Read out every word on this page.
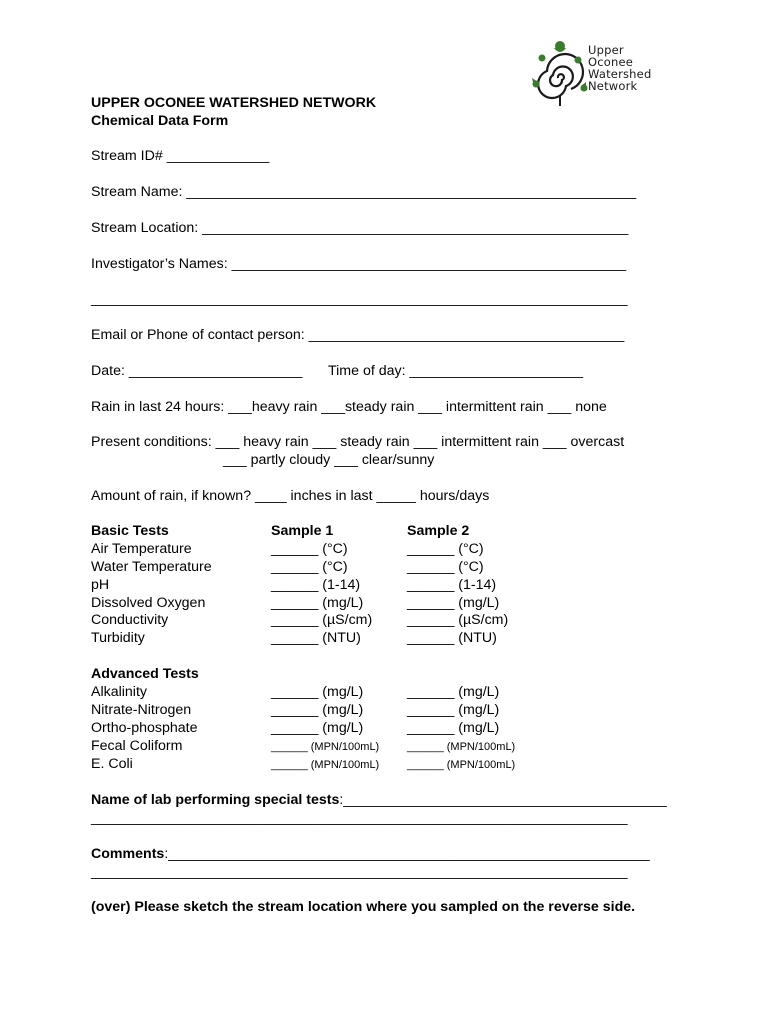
Upper
Oconee
Watershed
Network
UPPER OCONEE WATERSHED NETWORK
Chemical Data Form
Stream ID# _____________
Stream Name: _________________________________________________________
Stream Location: ______________________________________________________
Investigator’s Names: __________________________________________________
____________________________________________________________________
Email or Phone of contact person: ________________________________________
Date: ______________________ Time of day: ______________________
Rain in last 24 hours: ___heavy rain ___steady rain ___ intermittent rain ___ none
Present conditions: ___ heavy rain ___ steady rain ___ intermittent rain ___ overcast
___ partly cloudy ___ clear/sunny
Amount of rain, if known? ____ inches in last _____ hours/days
Basic Tests	Sample 1	Sample 2
Air Temperature	______ (°C)	______ (°C)
Water Temperature	______ (°C)	______ (°C)
pH	______ (1-14)	______ (1-14)
Dissolved Oxygen	______ (mg/L)	______ (mg/L)
Conductivity	______ (µS/cm) ______ (µS/cm)
Turbidity	______ (NTU)	______ (NTU)
Advanced Tests
Alkalinity	______ (mg/L)	______ (mg/L)
Nitrate-Nitrogen	______ (mg/L)	______ (mg/L)
Ortho-phosphate	______ (mg/L)	______ (mg/L)
Fecal Coliform	______ (MPN/100mL)	______ (MPN/100mL)
E. Coli	______ (MPN/100mL)	______ (MPN/100mL)
Name of lab performing special tests:_________________________________________
____________________________________________________________________
Comments:_____________________________________________________________
____________________________________________________________________
(over) Please sketch the stream location where you sampled on the reverse side.
